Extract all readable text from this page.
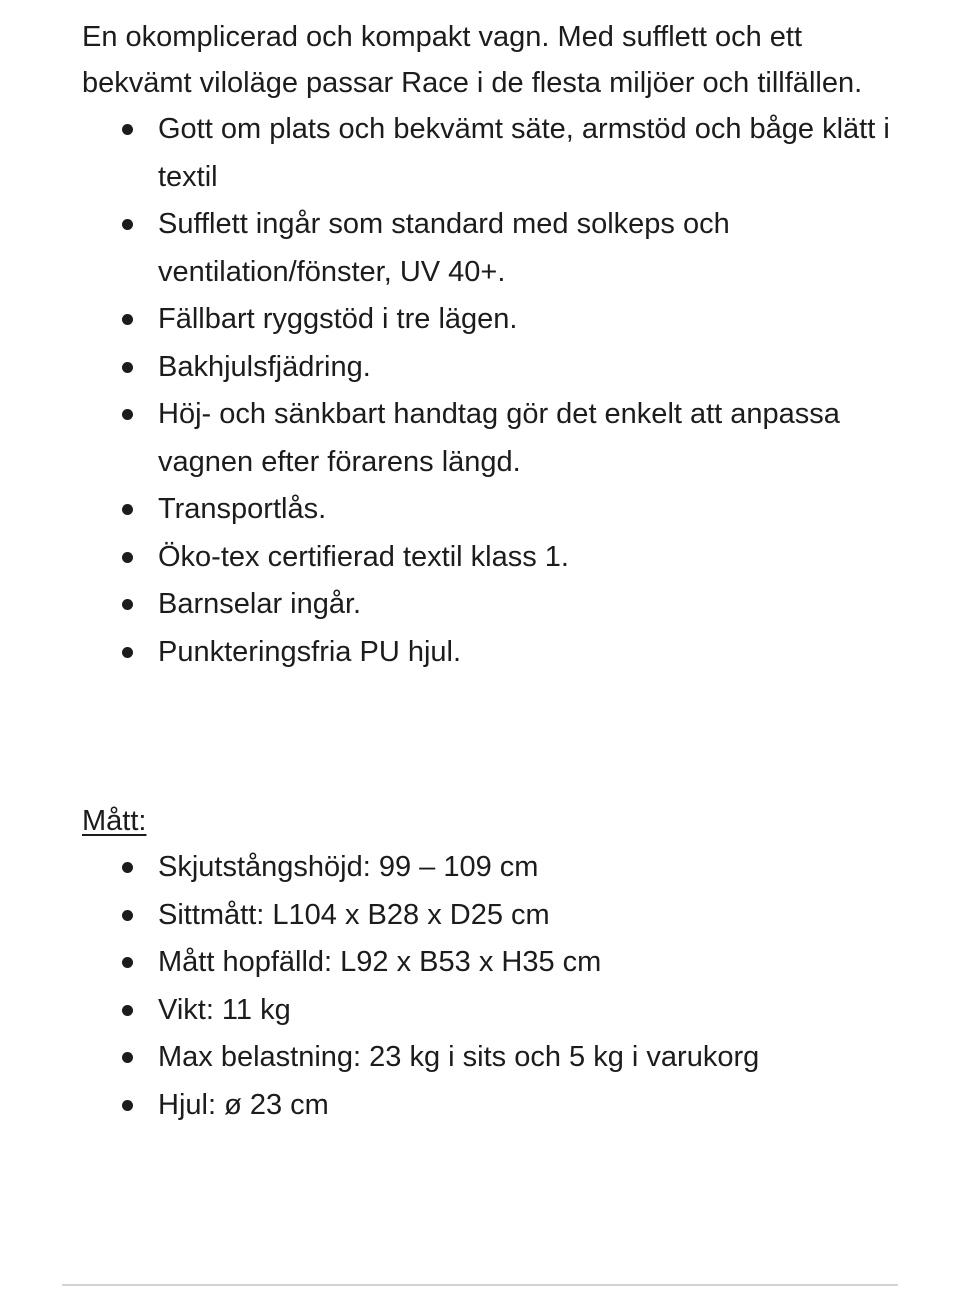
En okomplicerad och kompakt vagn. Med sufflett och ett bekvämt viloläge passar Race i de flesta miljöer och tillfällen.

Gott om plats och bekvämt säte, armstöd och båge klätt i textil
Sufflett ingår som standard med solkeps och ventilation/fönster, UV 40+.
Fällbart ryggstöd i tre lägen.
Bakhjulsfjädring.
Höj- och sänkbart handtag gör det enkelt att anpassa vagnen efter förarens längd.
Transportlås.
Öko-tex certifierad textil klass 1.
Barnselar ingår.
Punkteringsfria PU hjul.

Mått:

Skjutstångshöjd: 99 – 109 cm
Sittmått: L104 x B28 x D25 cm
Mått hopfälld: L92 x B53 x H35 cm
Vikt: 11 kg
Max belastning: 23 kg i sits och 5 kg i varukorg
Hjul: ø 23 cm
